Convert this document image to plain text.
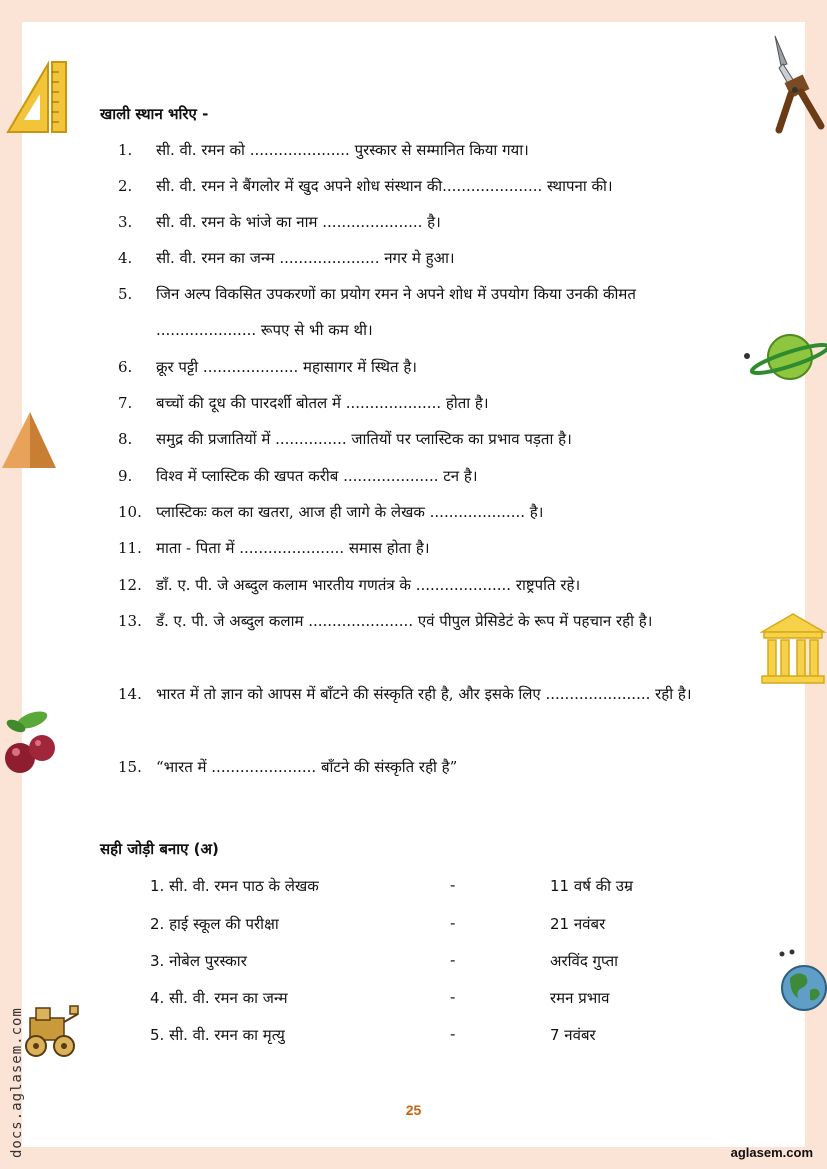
docs.aglasem.com
खाली स्थान भरिए -
1. सी. वी. रमन को ..................... पुरस्कार से सम्मानित किया गया।
2. सी. वी. रमन ने बैंगलोर में खुद अपने शोध संस्थान की..................... स्थापना की।
3. सी. वी. रमन के भांजे का नाम ..................... है।
4. सी. वी. रमन का जन्म ..................... नगर मे हुआ।
5. जिन अल्प विकसित उपकरणों का प्रयोग रमन ने अपने शोध में उपयोग किया उनकी कीमत ..................... रूपए से भी कम थी।
6. क्रूर पट्टी .................... महासागर में स्थित है।
7. बच्चों की दूध की पारदर्शी बोतल में .................... होता है।
8. समुद्र की प्रजातियों में ............... जातियों पर प्लास्टिक का प्रभाव पड़ता है।
9. विश्व में प्लास्टिक की खपत करीब .................... टन है।
10. प्लास्टिकः कल का खतरा, आज ही जागे के लेखक .................... है।
11. माता - पिता में ...................... समास होता है।
12. डाँ. ए. पी. जे अब्दुल कलाम भारतीय गणतंत्र के .................... राष्ट्रपति रहे।
13. डँ. ए. पी. जे अब्दुल कलाम ...................... एवं पीपुल प्रेसिडेटं के रूप में पहचान रही है।
14. भारत में तो ज्ञान को आपस में बाँटने की संस्कृति रही है, और इसके लिए ...................... रही है।
15. “भारत में ...................... बाँटने की संस्कृति रही है”
सही जोड़ी बनाए (अ)
1. सी. वी. रमन पाठ के लेखक	-	11 वर्ष की उम्र
2. हाई स्कूल की परीक्षा	-	21 नवंबर
3. नोबेल पुरस्कार	-	अरविंद गुप्ता
4. सी. वी. रमन का जन्म	-	रमन प्रभाव
5. सी. वी. रमन का मृत्यु	-	7 नवंबर
25
aglasem.com
